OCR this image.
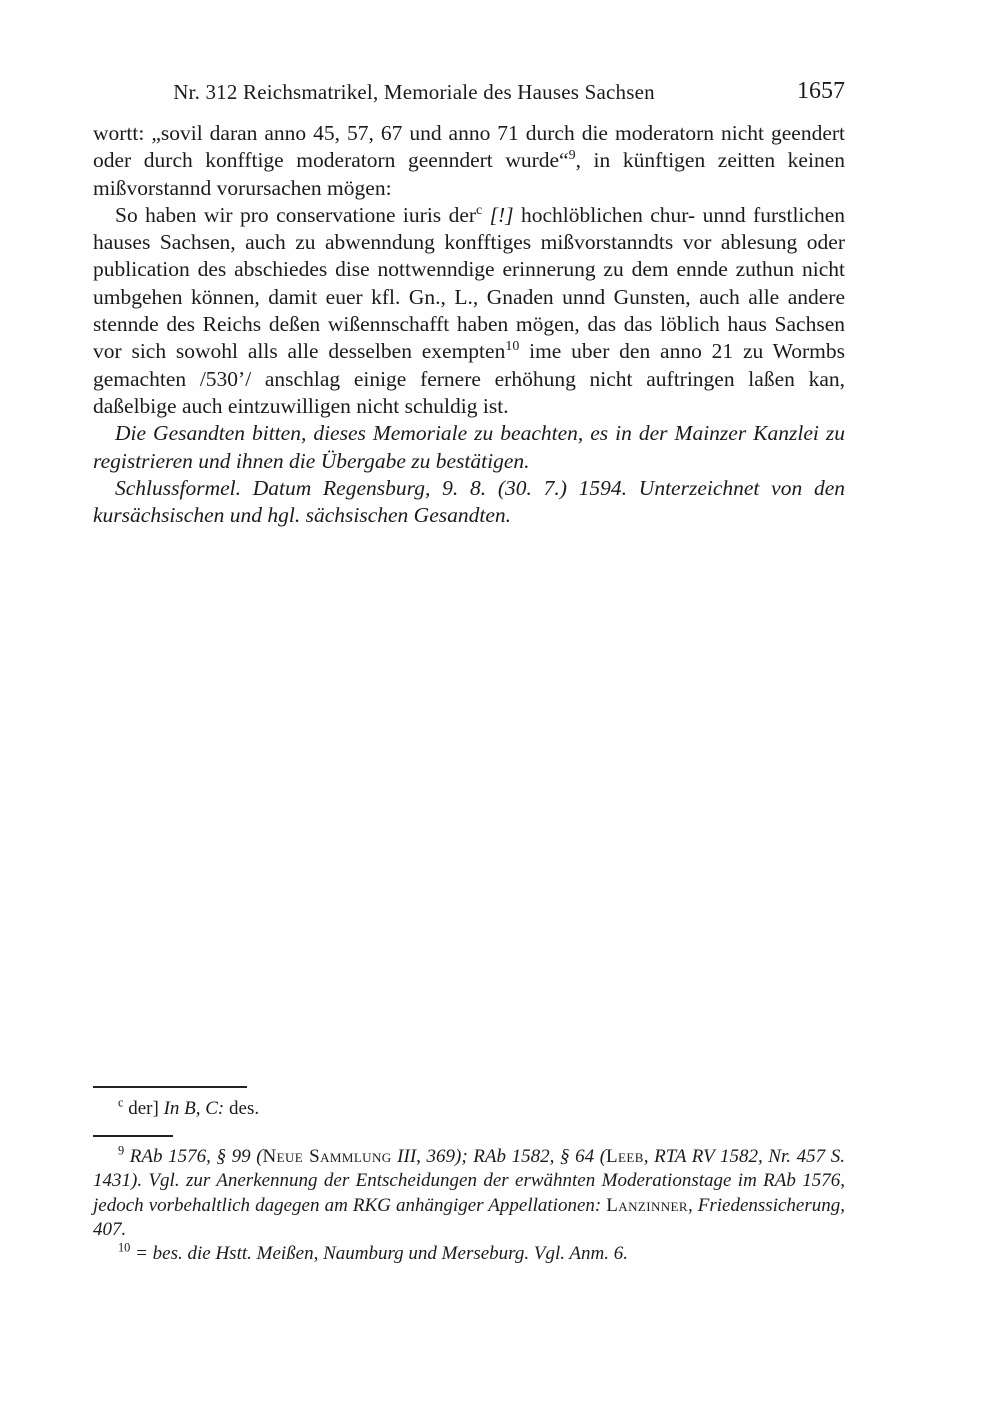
Nr. 312 Reichsmatrikel, Memoriale des Hauses Sachsen	1657

wortt: „sovil daran anno 45, 57, 67 und anno 71 durch die moderatorn nicht geendert oder durch konfftige moderatorn geenndert wurde“$^9$, in künftigen zeitten keinen mißvorstannd vorursachen mögen:

So haben wir pro conservatione iuris der$^c$ [!] hochlöblichen chur- unnd furstlichen hauses Sachsen, auch zu abwenndung konfftiges mißvorstanndts vor ablesung oder publication des abschiedes dise nottwenndige erinnerung zu dem ennde zuthun nicht umbgehen können, damit euer kfl. Gn., L., Gnaden unnd Gunsten, auch alle andere stennde des Reichs deßen wißennschafft haben mögen, das das löblich haus Sachsen vor sich sowohl alls alle desselben exempten$^{10}$ ime uber den anno 21 zu Wormbs gemachten /530’/ anschlag einige fernere erhöhung nicht auftringen laßen kan, daßelbige auch eintzuwilligen nicht schuldig ist.

Die Gesandten bitten, dieses Memoriale zu beachten, es in der Mainzer Kanzlei zu registrieren und ihnen die Übergabe zu bestätigen.

Schlussformel. Datum Regensburg, 9. 8. (30. 7.) 1594. Unterzeichnet von den kursächsischen und hgl. sächsischen Gesandten.

$^c$ der] In B, C: des.

$^9$ RAb 1576, § 99 (Neue Sammlung III, 369); RAb 1582, § 64 (Leeb, RTA RV 1582, Nr. 457 S. 1431). Vgl. zur Anerkennung der Entscheidungen der erwähnten Moderationstage im RAb 1576, jedoch vorbehaltlich dagegen am RKG anhängiger Appellationen: Lanzinner, Friedenssicherung, 407.

$^{10}$ = bes. die Hstt. Meißen, Naumburg und Merseburg. Vgl. Anm. 6.
